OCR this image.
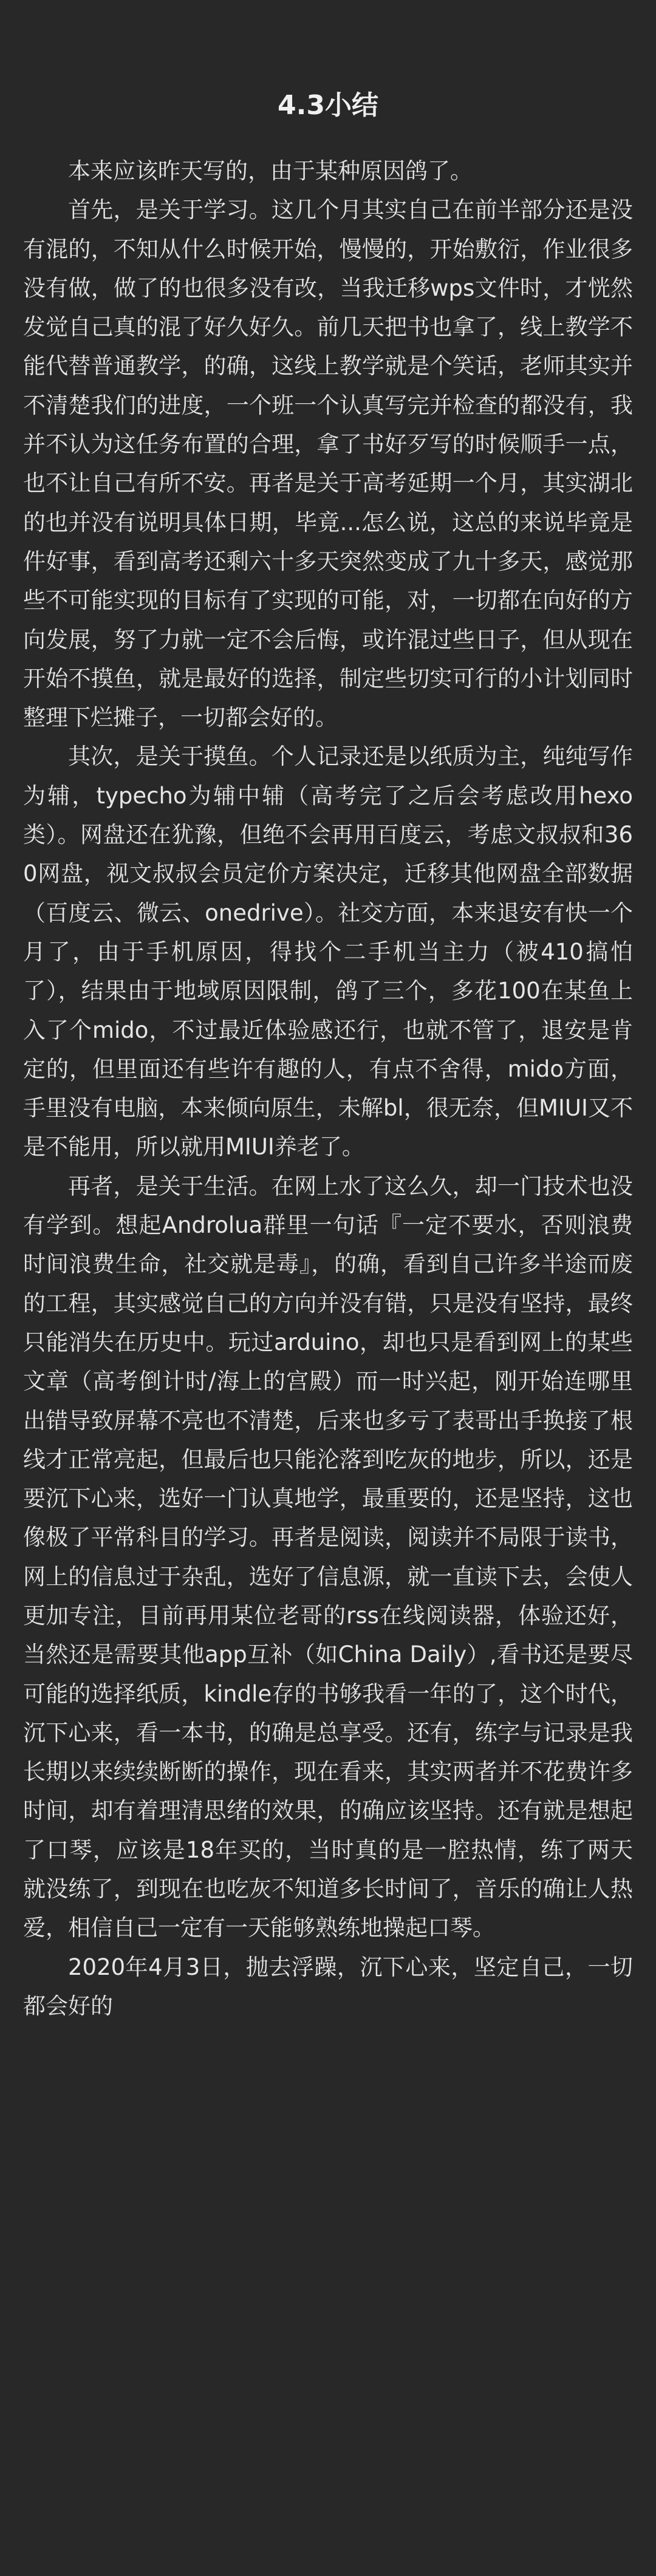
4.3小结

本来应该昨天写的，由于某种原因鸽了。

首先，是关于学习。这几个月其实自己在前半部分还是没有混的，不知从什么时候开始，慢慢的，开始敷衍，作业很多没有做，做了的也很多没有改，当我迁移wps文件时，才恍然发觉自己真的混了好久好久。前几天把书也拿了，线上教学不能代替普通教学，的确，这线上教学就是个笑话，老师其实并不清楚我们的进度，一个班一个认真写完并检查的都没有，我并不认为这任务布置的合理，拿了书好歹写的时候顺手一点，也不让自己有所不安。再者是关于高考延期一个月，其实湖北的也并没有说明具体日期，毕竟...怎么说，这总的来说毕竟是件好事，看到高考还剩六十多天突然变成了九十多天，感觉那些不可能实现的目标有了实现的可能，对，一切都在向好的方向发展，努了力就一定不会后悔，或许混过些日子，但从现在开始不摸鱼，就是最好的选择，制定些切实可行的小计划同时整理下烂摊子，一切都会好的。

其次，是关于摸鱼。个人记录还是以纸质为主，纯纯写作为辅，typecho为辅中辅（高考完了之后会考虑改用hexo类）。网盘还在犹豫，但绝不会再用百度云，考虑文叔叔和360网盘，视文叔叔会员定价方案决定，迁移其他网盘全部数据（百度云、微云、onedrive）。社交方面，本来退安有快一个月了，由于手机原因，得找个二手机当主力（被410搞怕了），结果由于地域原因限制，鸽了三个，多花100在某鱼上入了个mido，不过最近体验感还行，也就不管了，退安是肯定的，但里面还有些许有趣的人，有点不舍得，mido方面，手里没有电脑，本来倾向原生，未解bl，很无奈，但MIUI又不是不能用，所以就用MIUI养老了。

再者，是关于生活。在网上水了这么久，却一门技术也没有学到。想起Androlua群里一句话『一定不要水，否则浪费时间浪费生命，社交就是毒』，的确，看到自己许多半途而废的工程，其实感觉自己的方向并没有错，只是没有坚持，最终只能消失在历史中。玩过arduino，却也只是看到网上的某些文章（高考倒计时/海上的宫殿）而一时兴起，刚开始连哪里出错导致屏幕不亮也不清楚，后来也多亏了表哥出手换接了根线才正常亮起，但最后也只能沦落到吃灰的地步，所以，还是要沉下心来，选好一门认真地学，最重要的，还是坚持，这也像极了平常科目的学习。再者是阅读，阅读并不局限于读书，网上的信息过于杂乱，选好了信息源，就一直读下去，会使人更加专注，目前再用某位老哥的rss在线阅读器，体验还好，当然还是需要其他app互补（如China Daily）,看书还是要尽可能的选择纸质，kindle存的书够我看一年的了，这个时代，沉下心来，看一本书，的确是总享受。还有，练字与记录是我长期以来续续断断的操作，现在看来，其实两者并不花费许多时间，却有着理清思绪的效果，的确应该坚持。还有就是想起了口琴，应该是18年买的，当时真的是一腔热情，练了两天就没练了，到现在也吃灰不知道多长时间了，音乐的确让人热爱，相信自己一定有一天能够熟练地操起口琴。

2020年4月3日，抛去浮躁，沉下心来，坚定自己，一切都会好的
